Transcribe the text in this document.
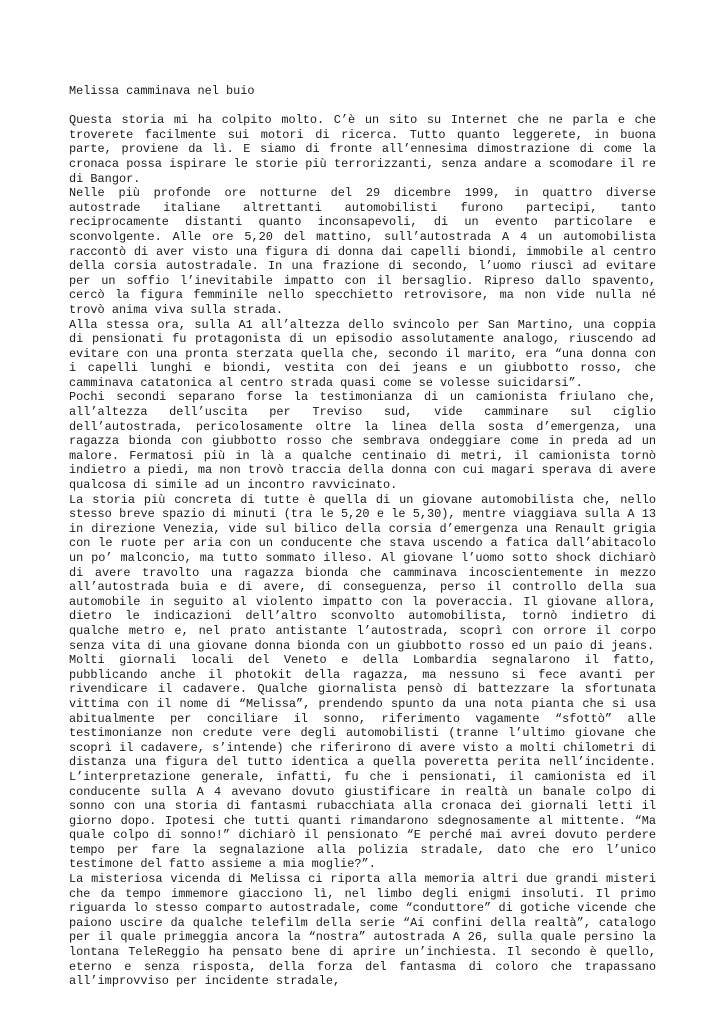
Melissa camminava nel buio

Questa storia mi ha colpito molto. C’è un sito su Internet che ne parla e che troverete facilmente sui motori di ricerca. Tutto quanto leggerete, in buona parte, proviene da lì. E siamo di fronte all’ennesima dimostrazione di come la cronaca possa ispirare le storie più terrorizzanti, senza andare a scomodare il re di Bangor.

Nelle più profonde ore notturne del 29 dicembre 1999, in quattro diverse autostrade italiane altrettanti automobilisti furono partecipi, tanto reciprocamente distanti quanto inconsapevoli, di un evento particolare e sconvolgente. Alle ore 5,20 del mattino, sull’autostrada A 4 un automobilista raccontò di aver visto una figura di donna dai capelli biondi, immobile al centro della corsia autostradale. In una frazione di secondo, l’uomo riuscì ad evitare per un soffio l’inevitabile impatto con il bersaglio. Ripreso dallo spavento, cercò la figura femminile nello specchietto retrovisore, ma non vide nulla né trovò anima viva sulla strada.

Alla stessa ora, sulla A1 all’altezza dello svincolo per San Martino, una coppia di pensionati fu protagonista di un episodio assolutamente analogo, riuscendo ad evitare con una pronta sterzata quella che, secondo il marito, era “una donna con i capelli lunghi e biondi, vestita con dei jeans e un giubbotto rosso, che camminava catatonica al centro strada quasi come se volesse suicidarsi”.

Pochi secondi separano forse la testimonianza di un camionista friulano che, all’altezza dell’uscita per Treviso sud, vide camminare sul ciglio dell’autostrada, pericolosamente oltre la linea della sosta d’emergenza, una ragazza bionda con giubbotto rosso che sembrava ondeggiare come in preda ad un malore. Fermatosi più in là a qualche centinaio di metri, il camionista tornò indietro a piedi, ma non trovò traccia della donna con cui magari sperava di avere qualcosa di simile ad un incontro ravvicinato.

La storia più concreta di tutte è quella di un giovane automobilista che, nello stesso breve spazio di minuti (tra le 5,20 e le 5,30), mentre viaggiava sulla A 13 in direzione Venezia, vide sul bilico della corsia d’emergenza una Renault grigia con le ruote per aria con un conducente che stava uscendo a fatica dall’abitacolo un po’ malconcio, ma tutto sommato illeso. Al giovane l’uomo sotto shock dichiarò di avere travolto una ragazza bionda che camminava incoscientemente in mezzo all’autostrada buia e di avere, di conseguenza, perso il controllo della sua automobile in seguito al violento impatto con la poveraccia. Il giovane allora, dietro le indicazioni dell’altro sconvolto automobilista, tornò indietro di qualche metro e, nel prato antistante l’autostrada, scoprì con orrore il corpo senza vita di una giovane donna bionda con un giubbotto rosso ed un paio di jeans.

Molti giornali locali del Veneto e della Lombardia segnalarono il fatto, pubblicando anche il photokit della ragazza, ma nessuno si fece avanti per rivendicare il cadavere. Qualche giornalista pensò di battezzare la sfortunata vittima con il nome di “Melissa”, prendendo spunto da una nota pianta che si usa abitualmente per conciliare il sonno, riferimento vagamente “sfottò” alle testimonianze non credute vere degli automobilisti (tranne l’ultimo giovane che scoprì il cadavere, s’intende) che riferirono di avere visto a molti chilometri di distanza una figura del tutto identica a quella poveretta perita nell’incidente. L’interpretazione generale, infatti, fu che i pensionati, il camionista ed il conducente sulla A 4 avevano dovuto giustificare in realtà un banale colpo di sonno con una storia di fantasmi rubacchiata alla cronaca dei giornali letti il giorno dopo. Ipotesi che tutti quanti rimandarono sdegnosamente al mittente. “Ma quale colpo di sonno!” dichiarò il pensionato “E perché mai avrei dovuto perdere tempo per fare la segnalazione alla polizia stradale, dato che ero l’unico testimone del fatto assieme a mia moglie?”.

La misteriosa vicenda di Melissa ci riporta alla memoria altri due grandi misteri che da tempo immemore giacciono lì, nel limbo degli enigmi insoluti. Il primo riguarda lo stesso comparto autostradale, come “conduttore” di gotiche vicende che paiono uscire da qualche telefilm della serie “Ai confini della realtà”, catalogo per il quale primeggia ancora la “nostra” autostrada A 26, sulla quale persino la lontana TeleReggio ha pensato bene di aprire un’inchiesta. Il secondo è quello, eterno e senza risposta, della forza del fantasma di coloro che trapassano all’improvviso per incidente stradale,
